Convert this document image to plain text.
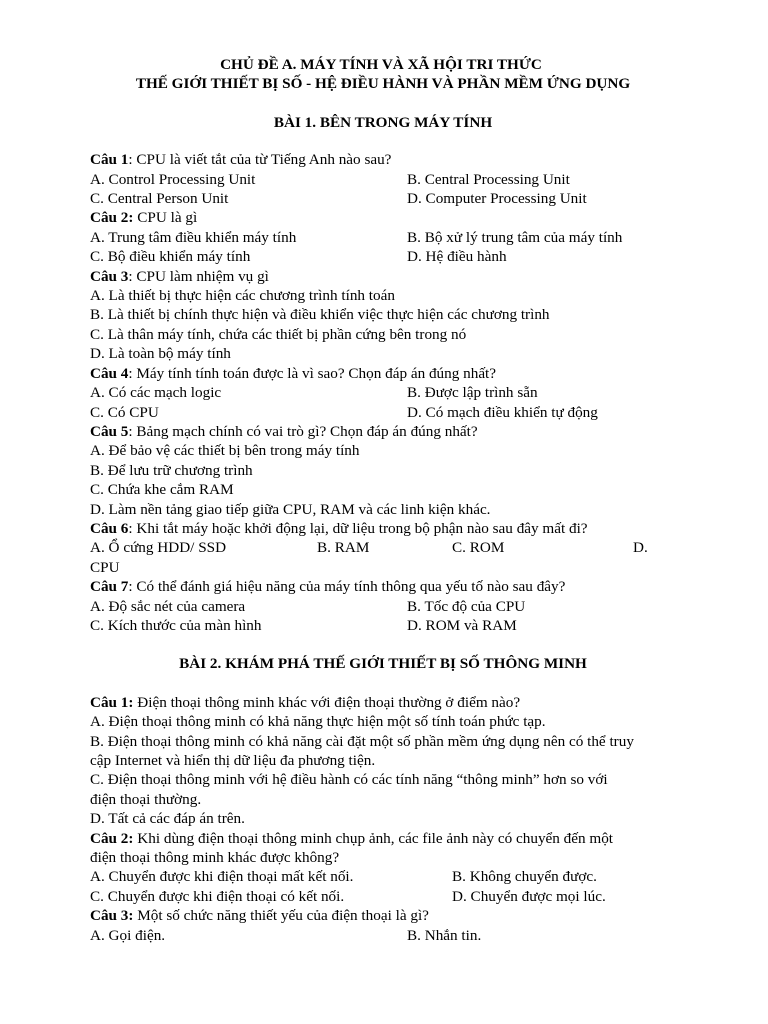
CHỦ ĐỀ A. MÁY TÍNH VÀ XÃ HỘI TRI THỨC

THẾ GIỚI THIẾT BỊ SỐ - HỆ ĐIỀU HÀNH VÀ PHẦN MỀM ỨNG DỤNG

BÀI 1. BÊN TRONG MÁY TÍNH

Câu 1: CPU là viết tắt của từ Tiếng Anh nào sau?

A. Control Processing Unit	B. Central Processing Unit
C. Central Person Unit	D. Computer Processing Unit

Câu 2: CPU là gì

A. Trung tâm điều khiển máy tính	B. Bộ xử lý trung tâm của máy tính
C. Bộ điều khiển máy tính	D. Hệ điều hành

Câu 3: CPU làm nhiệm vụ gì

A. Là thiết bị thực hiện các chương trình tính toán

B. Là thiết bị chính thực hiện và điều khiển việc thực hiện các chương trình

C. Là thân máy tính, chứa các thiết bị phần cứng bên trong nó

D. Là toàn bộ máy tính

Câu 4: Máy tính tính toán được là vì sao? Chọn đáp án đúng nhất?

A. Có các mạch logic	B. Được lập trình sẵn
C. Có CPU	D. Có mạch điều khiển tự động

Câu 5: Bảng mạch chính có vai trò gì? Chọn đáp án đúng nhất?

A. Để bảo vệ các thiết bị bên trong máy tính

B. Để lưu trữ chương trình

C. Chứa khe cắm RAM

D. Làm nền tảng giao tiếp giữa CPU, RAM và các linh kiện khác.

Câu 6: Khi tắt máy hoặc khởi động lại, dữ liệu trong bộ phận nào sau đây mất đi?

A. Ổ cứng HDD/ SSD	B. RAM	C. ROM	D.

CPU

Câu 7: Có thể đánh giá hiệu năng của máy tính thông qua yếu tố nào sau đây?

A. Độ sắc nét của camera	B. Tốc độ của CPU
C. Kích thước của màn hình	D. ROM và RAM

BÀI 2. KHÁM PHÁ THẾ GIỚI THIẾT BỊ SỐ THÔNG MINH

Câu 1: Điện thoại thông minh khác với điện thoại thường ở điểm nào?

A. Điện thoại thông minh có khả năng thực hiện một số tính toán phức tạp.

B. Điện thoại thông minh có khả năng cài đặt một số phần mềm ứng dụng nên có thể truy

cập Internet và hiển thị dữ liệu đa phương tiện.

C. Điện thoại thông minh với hệ điều hành có các tính năng “thông minh” hơn so với

điện thoại thường.

D. Tất cả các đáp án trên.

Câu 2: Khi dùng điện thoại thông minh chụp ảnh, các file ảnh này có chuyển đến một

điện thoại thông minh khác được không?

A. Chuyển được khi điện thoại mất kết nối.	B. Không chuyển được.
C. Chuyển được khi điện thoại có kết nối.	D. Chuyển được mọi lúc.

Câu 3: Một số chức năng thiết yếu của điện thoại là gì?

A. Gọi điện.	B. Nhắn tin.
